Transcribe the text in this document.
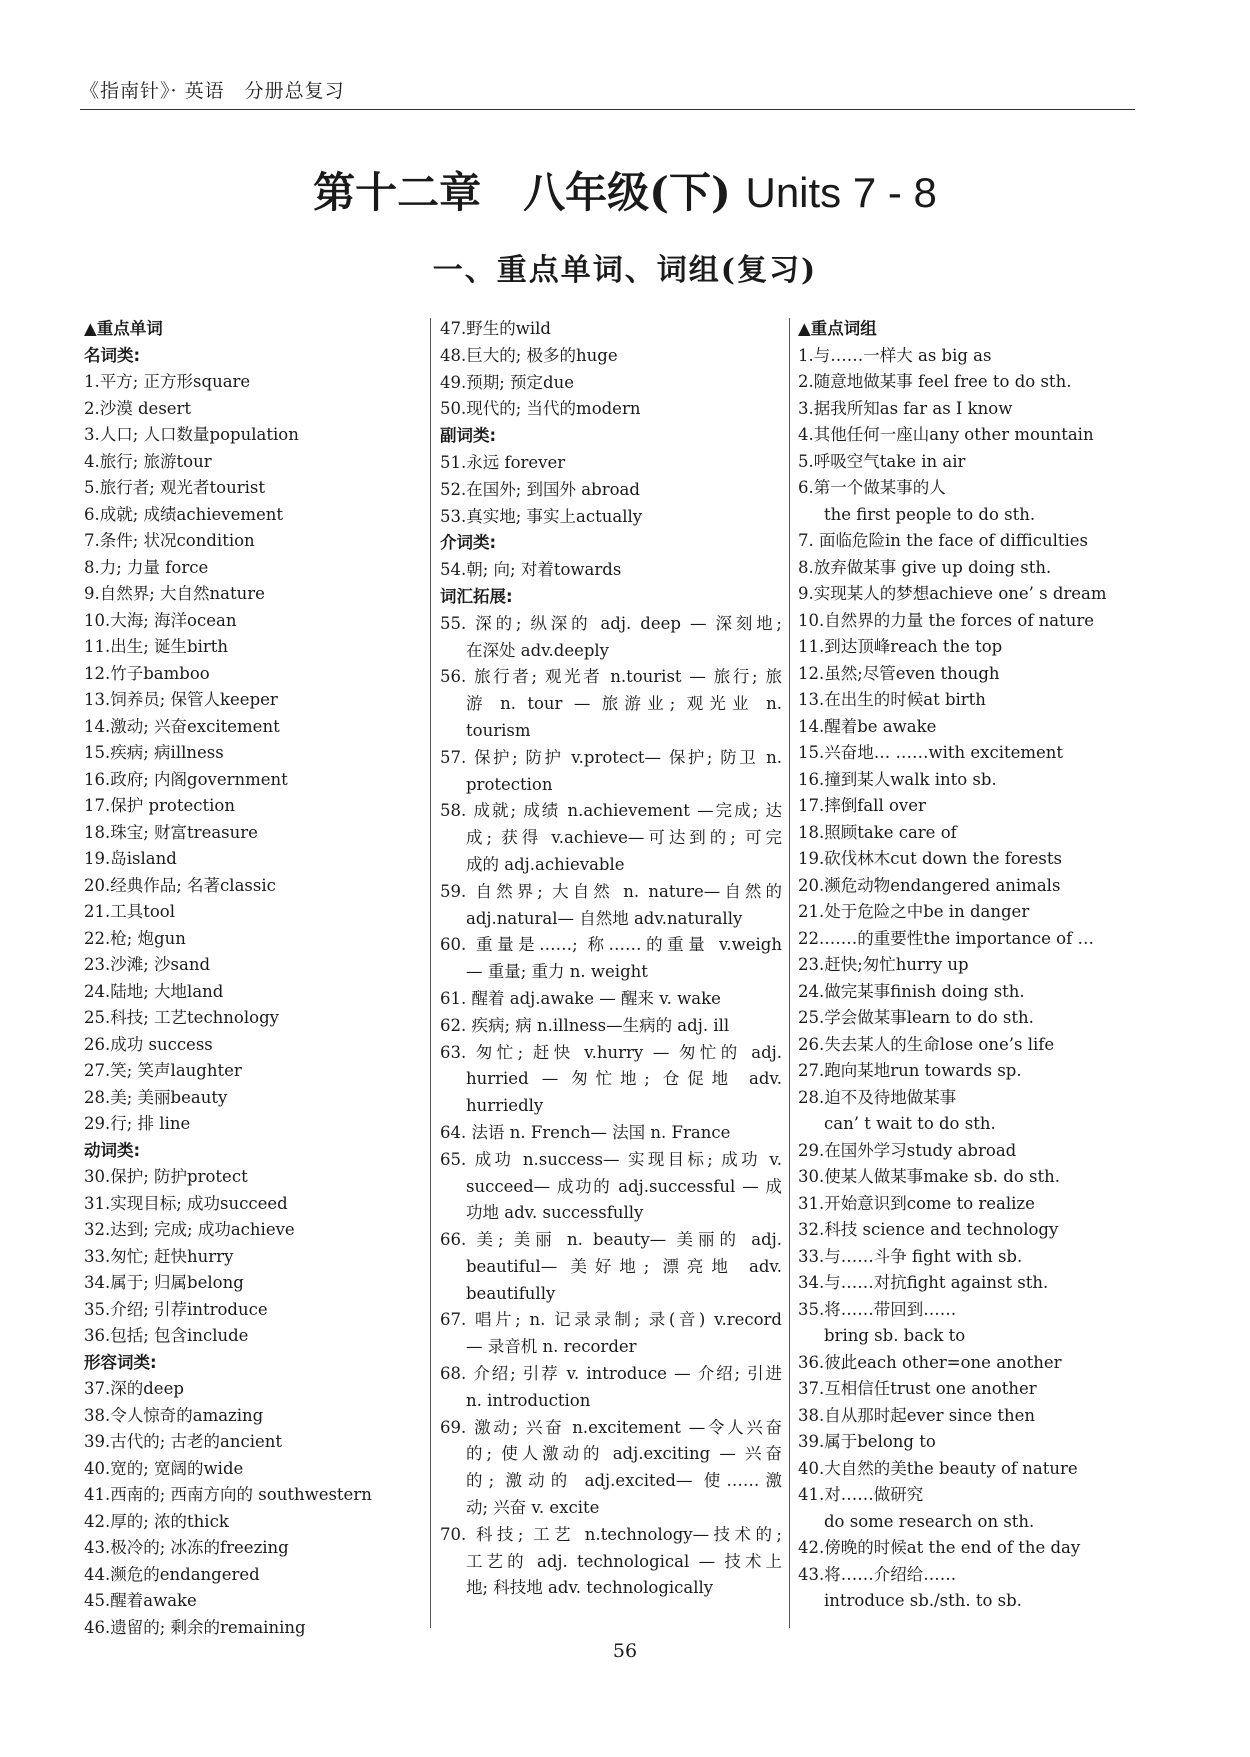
《指南针》· 英语　分册总复习
第十二章　八年级(下) Units 7 - 8
一、重点单词、词组(复习)
▲重点单词
名词类:
1.平方; 正方形square
2.沙漠 desert
3.人口; 人口数量population
4.旅行; 旅游tour
5.旅行者; 观光者tourist
6.成就; 成绩achievement
7.条件; 状况condition
8.力; 力量 force
9.自然界; 大自然nature
10.大海; 海洋ocean
11.出生; 诞生birth
12.竹子bamboo
13.饲养员; 保管人keeper
14.激动; 兴奋excitement
15.疾病; 病illness
16.政府; 内阁government
17.保护 protection
18.珠宝; 财富treasure
19.岛island
20.经典作品; 名著classic
21.工具tool
22.枪; 炮gun
23.沙滩; 沙sand
24.陆地; 大地land
25.科技; 工艺technology
26.成功 success
27.笑; 笑声laughter
28.美; 美丽beauty
29.行; 排 line
动词类:
30.保护; 防护protect
31.实现目标; 成功succeed
32.达到; 完成; 成功achieve
33.匆忙; 赶快hurry
34.属于; 归属belong
35.介绍; 引荐introduce
36.包括; 包含include
形容词类:
37.深的deep
38.令人惊奇的amazing
39.古代的; 古老的ancient
40.宽的; 宽阔的wide
41.西南的; 西南方向的 southwestern
42.厚的; 浓的thick
43.极冷的; 冰冻的freezing
44.濒危的endangered
45.醒着awake
46.遗留的; 剩余的remaining
47.野生的wild
48.巨大的; 极多的huge
49.预期; 预定due
50.现代的; 当代的modern
副词类:
51.永远 forever
52.在国外; 到国外 abroad
53.真实地; 事实上actually
介词类:
54.朝; 向; 对着towards
词汇拓展:
55. 深的; 纵深的 adj. deep — 深刻地;
在深处 adv.deeply
56. 旅行者; 观光者 n.tourist — 旅行; 旅
游 n. tour — 旅游业; 观光业 n.
tourism
57. 保护; 防护 v.protect— 保护; 防卫 n.
protection
58. 成就; 成绩 n.achievement —完成; 达
成; 获得 v.achieve—可达到的; 可完
成的 adj.achievable
59. 自然界; 大自然 n. nature—自然的
adj.natural— 自然地 adv.naturally
60. 重量是……; 称……的重量 v.weigh
— 重量; 重力 n. weight
61. 醒着 adj.awake — 醒来 v. wake
62. 疾病; 病 n.illness—生病的 adj. ill
63. 匆忙; 赶快 v.hurry — 匆忙的 adj.
hurried — 匆忙地; 仓促地 adv.
hurriedly
64. 法语 n. French— 法国 n. France
65. 成功 n.success— 实现目标; 成功 v.
succeed— 成功的 adj.successful — 成
功地 adv. successfully
66. 美; 美丽 n. beauty— 美丽的 adj.
beautiful— 美好地; 漂亮地 adv.
beautifully
67. 唱片; n. 记录录制; 录(音) v.record
— 录音机 n. recorder
68. 介绍; 引荐 v. introduce — 介绍; 引进
n. introduction
69. 激动; 兴奋 n.excitement —令人兴奋
的; 使人激动的 adj.exciting — 兴奋
的; 激动的 adj.excited— 使……激
动; 兴奋 v. excite
70. 科技; 工艺 n.technology—技术的;
工艺的 adj. technological — 技术上
地; 科技地 adv. technologically
▲重点词组
1.与……一样大 as big as
2.随意地做某事 feel free to do sth.
3.据我所知as far as I know
4.其他任何一座山any other mountain
5.呼吸空气take in air
6.第一个做某事的人
the first people to do sth.
7. 面临危险in the face of difficulties
8.放弃做某事 give up doing sth.
9.实现某人的梦想achieve one’ s dream
10.自然界的力量 the forces of nature
11.到达顶峰reach the top
12.虽然;尽管even though
13.在出生的时候at birth
14.醒着be awake
15.兴奋地… ……with excitement
16.撞到某人walk into sb.
17.摔倒fall over
18.照顾take care of
19.砍伐林木cut down the forests
20.濒危动物endangered animals
21.处于危险之中be in danger
22.……的重要性the importance of …
23.赶快;匆忙hurry up
24.做完某事finish doing sth.
25.学会做某事learn to do sth.
26.失去某人的生命lose one’s life
27.跑向某地run towards sp.
28.迫不及待地做某事
can’ t wait to do sth.
29.在国外学习study abroad
30.使某人做某事make sb. do sth.
31.开始意识到come to realize
32.科技 science and technology
33.与……斗争 fight with sb.
34.与……对抗fight against sth.
35.将……带回到……
bring sb. back to
36.彼此each other=one another
37.互相信任trust one another
38.自从那时起ever since then
39.属于belong to
40.大自然的美the beauty of nature
41.对……做研究
do some research on sth.
42.傍晚的时候at the end of the day
43.将……介绍给……
introduce sb./sth. to sb.
56
